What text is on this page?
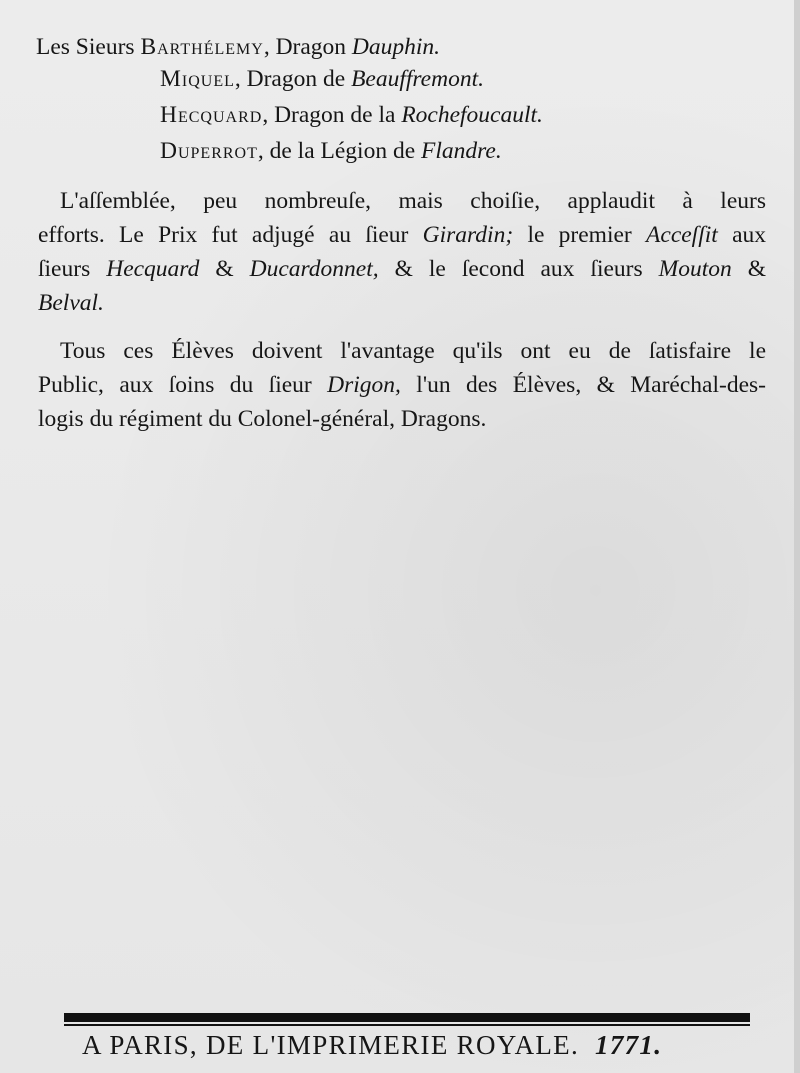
Les Sieurs Barthélemy, Dragon Dauphin.
Miquel, Dragon de Beauffremont.
Hecquard, Dragon de la Rochefoucault.
Duperrot, de la Légion de Flandre.
L'aſſemblée, peu nombreuſe, mais choiſie, applaudit à leurs
efforts. Le Prix fut adjugé au ſieur Girardin; le premier Acceſſit aux
ſieurs Hecquard & Ducardonnet, & le ſecond aux ſieurs Mouton &
Belval.
Tous ces Élèves doivent l'avantage qu'ils ont eu de ſatisfaire le
Public, aux ſoins du ſieur Drigon, l'un des Élèves, & Maréchal-des-
logis du régiment du Colonel-général, Dragons.
A PARIS, DE L'IMPRIMERIE ROYALE. 1771.
